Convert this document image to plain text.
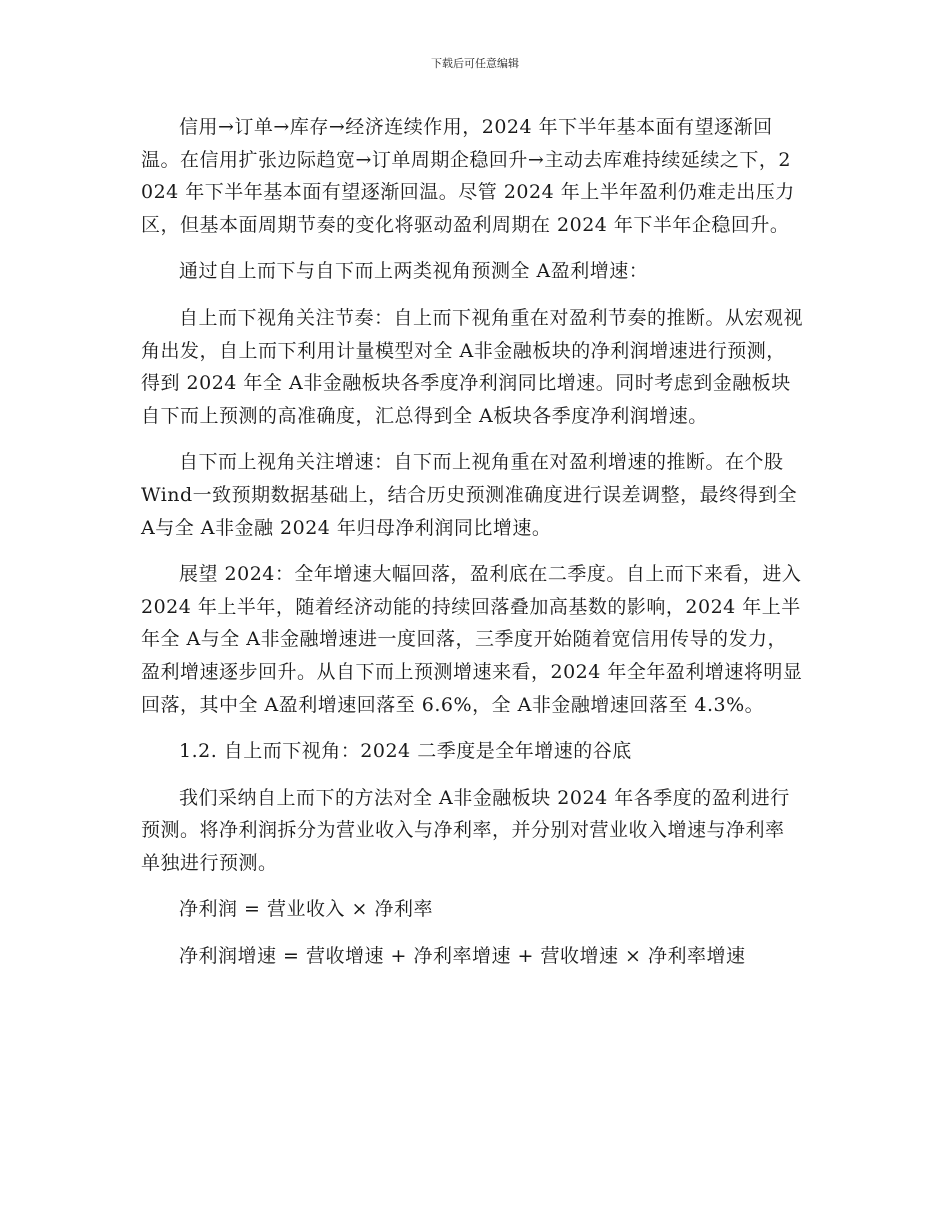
下载后可任意编辑

信用→订单→库存→经济连续作用，2024 年下半年基本面有望逐渐回温。在信用扩张边际趋宽→订单周期企稳回升→主动去库难持续延续之下，2024 年下半年基本面有望逐渐回温。尽管 2024 年上半年盈利仍难走出压力区，但基本面周期节奏的变化将驱动盈利周期在 2024 年下半年企稳回升。

通过自上而下与自下而上两类视角预测全 A盈利增速：

自上而下视角关注节奏：自上而下视角重在对盈利节奏的推断。从宏观视角出发，自上而下利用计量模型对全 A非金融板块的净利润增速进行预测，得到 2024 年全 A非金融板块各季度净利润同比增速。同时考虑到金融板块自下而上预测的高准确度，汇总得到全 A板块各季度净利润增速。

自下而上视角关注增速：自下而上视角重在对盈利增速的推断。在个股 Wind一致预期数据基础上，结合历史预测准确度进行误差调整，最终得到全 A与全 A非金融 2024 年归母净利润同比增速。

展望 2024：全年增速大幅回落，盈利底在二季度。自上而下来看，进入 2024 年上半年，随着经济动能的持续回落叠加高基数的影响，2024 年上半年全 A与全 A非金融增速进一度回落，三季度开始随着宽信用传导的发力，盈利增速逐步回升。从自下而上预测增速来看，2024 年全年盈利增速将明显回落，其中全 A盈利增速回落至 6.6%，全 A非金融增速回落至 4.3%。

1.2. 自上而下视角：2024 二季度是全年增速的谷底

我们采纳自上而下的方法对全 A非金融板块 2024 年各季度的盈利进行预测。将净利润拆分为营业收入与净利率，并分别对营业收入增速与净利率单独进行预测。

净利润 = 营业收入 × 净利率

净利润增速 = 营收增速 + 净利率增速 + 营收增速 × 净利率增速
